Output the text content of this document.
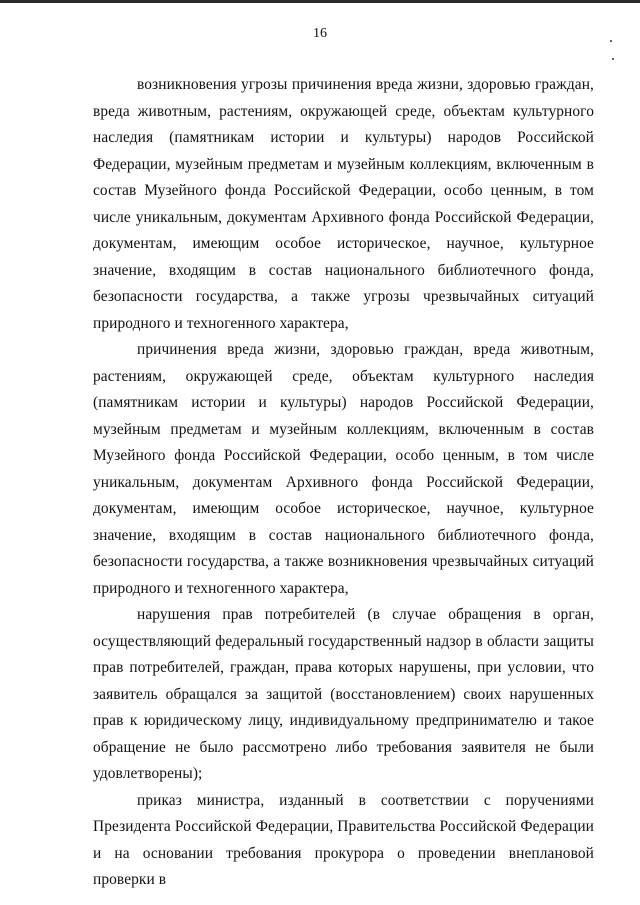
16

возникновения угрозы причинения вреда жизни, здоровью граждан, вреда животным, растениям, окружающей среде, объектам культурного наследия (памятникам истории и культуры) народов Российской Федерации, музейным предметам и музейным коллекциям, включенным в состав Музейного фонда Российской Федерации, особо ценным, в том числе уникальным, документам Архивного фонда Российской Федерации, документам, имеющим особое историческое, научное, культурное значение, входящим в состав национального библиотечного фонда, безопасности государства, а также угрозы чрезвычайных ситуаций природного и техногенного характера,

причинения вреда жизни, здоровью граждан, вреда животным, растениям, окружающей среде, объектам культурного наследия (памятникам истории и культуры) народов Российской Федерации, музейным предметам и музейным коллекциям, включенным в состав Музейного фонда Российской Федерации, особо ценным, в том числе уникальным, документам Архивного фонда Российской Федерации, документам, имеющим особое историческое, научное, культурное значение, входящим в состав национального библиотечного фонда, безопасности государства, а также возникновения чрезвычайных ситуаций природного и техногенного характера,

нарушения прав потребителей (в случае обращения в орган, осуществляющий федеральный государственный надзор в области защиты прав потребителей, граждан, права которых нарушены, при условии, что заявитель обращался за защитой (восстановлением) своих нарушенных прав к юридическому лицу, индивидуальному предпринимателю и такое обращение не было рассмотрено либо требования заявителя не были удовлетворены);

приказ министра, изданный в соответствии с поручениями Президента Российской Федерации, Правительства Российской Федерации и на основании требования прокурора о проведении внеплановой проверки в
